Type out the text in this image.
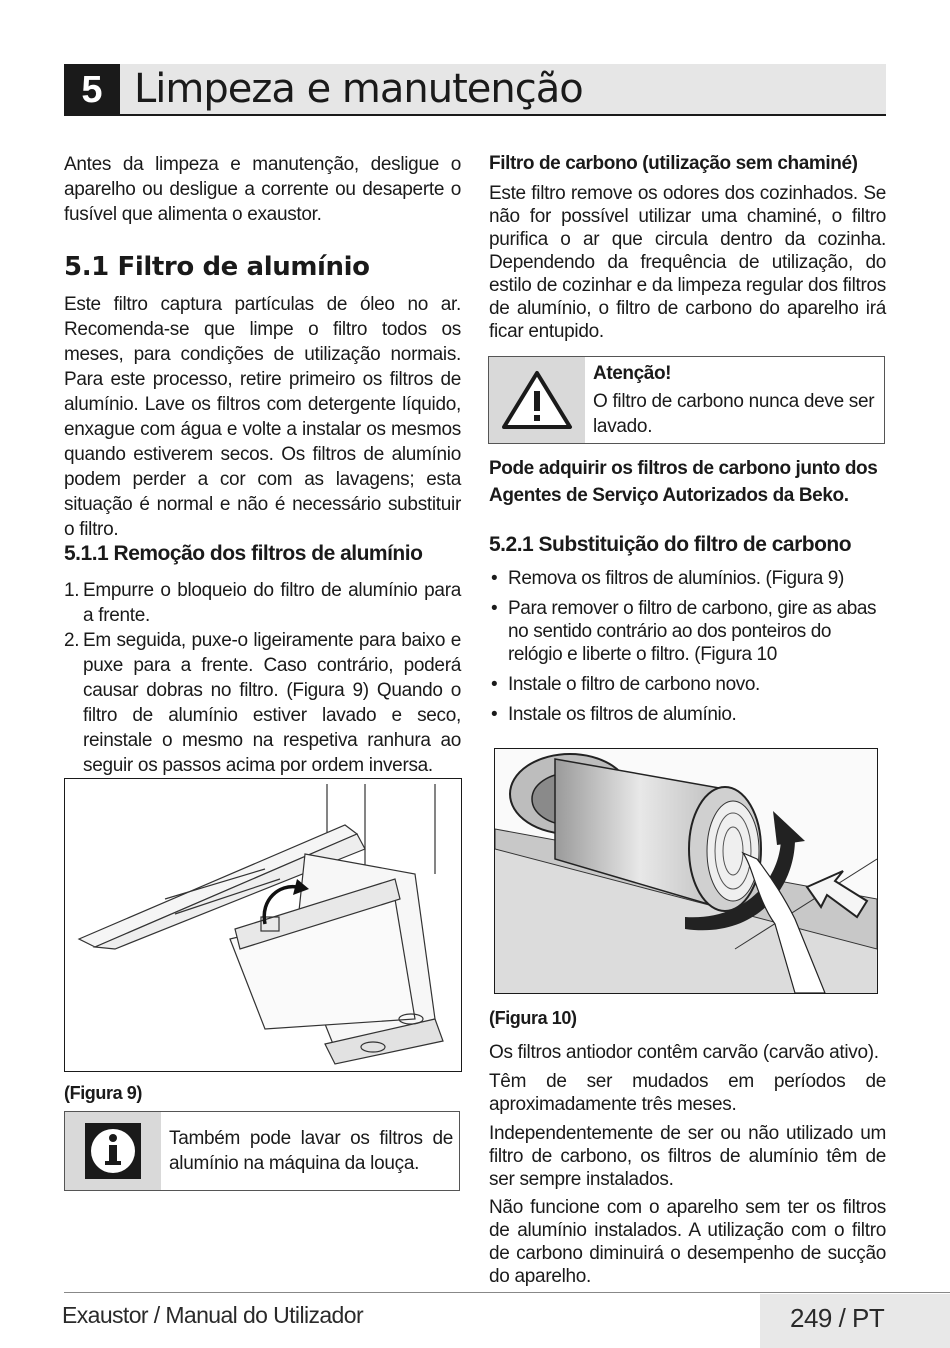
5 Limpeza e manutenção

Antes da limpeza e manutenção, desligue o aparelho ou desligue a corrente ou desaperte o fusível que alimenta o exaustor.

5.1 Filtro de alumínio

Este filtro captura partículas de óleo no ar. Recomenda-se que limpe o filtro todos os meses, para condições de utilização normais. Para este processo, retire primeiro os filtros de alumínio. Lave os filtros com detergente líquido, enxague com água e volte a instalar os mesmos quando estiverem secos. Os filtros de alumínio podem perder a cor com as lavagens; esta situação é normal e não é necessário substituir o filtro.

5.1.1 Remoção dos filtros de alumínio
1. Empurre o bloqueio do filtro de alumínio para a frente.
2. Em seguida, puxe-o ligeiramente para baixo e puxe para a frente. Caso contrário, poderá causar dobras no filtro. (Figura 9) Quando o filtro de alumínio estiver lavado e seco, reinstale o mesmo na respetiva ranhura ao seguir os passos acima por ordem inversa.
(Figura 9)

Também pode lavar os filtros de alumínio na máquina da louça.

Filtro de carbono (utilização sem chaminé)

Este filtro remove os odores dos cozinhados. Se não for possível utilizar uma chaminé, o filtro purifica o ar que circula dentro da cozinha. Dependendo da frequência de utilização, do estilo de cozinhar e da limpeza regular dos filtros de alumínio, o filtro de carbono do aparelho irá ficar entupido.

Atenção!

O filtro de carbono nunca deve ser lavado.

Pode adquirir os filtros de carbono junto dos Agentes de Serviço Autorizados da Beko.

5.2.1 Substituição do filtro de carbono
• Remova os filtros de alumínios. (Figura 9)
• Para remover o filtro de carbono, gire as abas no sentido contrário ao dos ponteiros do relógio e liberte o filtro. (Figura 10
• Instale o filtro de carbono novo.
• Instale os filtros de alumínio.
(Figura 10)

Os filtros antiodor contêm carvão (carvão ativo).

Têm de ser mudados em períodos de aproximadamente três meses.

Independentemente de ser ou não utilizado um filtro de carbono, os filtros de alumínio têm de ser sempre instalados.

Não funcione com o aparelho sem ter os filtros de alumínio instalados. A utilização com o filtro de carbono diminuirá o desempenho de sucção do aparelho.

Exaustor / Manual do Utilizador	249 / PT
